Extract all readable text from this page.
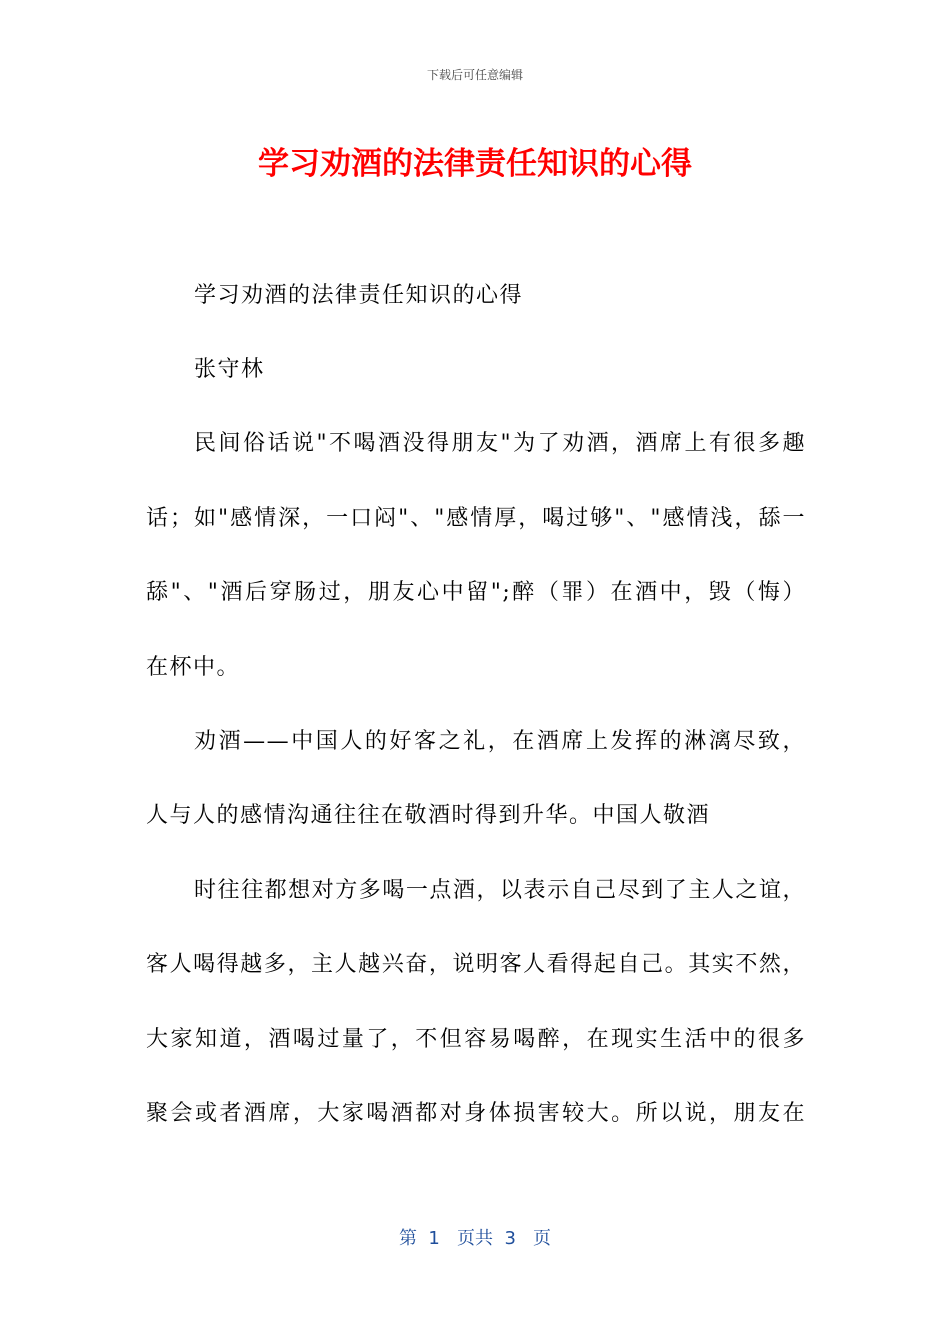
下载后可任意编辑
学习劝酒的法律责任知识的心得
学习劝酒的法律责任知识的心得
张守林
民间俗话说"不喝酒没得朋友"为了劝酒，酒席上有很多趣
话；如"感情深，一口闷"、"感情厚，喝过够"、"感情浅，舔一
舔"、"酒后穿肠过，朋友心中留";醉（罪）在酒中，毁（悔）
在杯中。
劝酒——中国人的好客之礼，在酒席上发挥的淋漓尽致，
人与人的感情沟通往往在敬酒时得到升华。中国人敬酒
时往往都想对方多喝一点酒，以表示自己尽到了主人之谊，
客人喝得越多，主人越兴奋，说明客人看得起自己。其实不然，
大家知道，酒喝过量了，不但容易喝醉，在现实生活中的很多
聚会或者酒席，大家喝酒都对身体损害较大。所以说，朋友在
第  1   页共  3   页
